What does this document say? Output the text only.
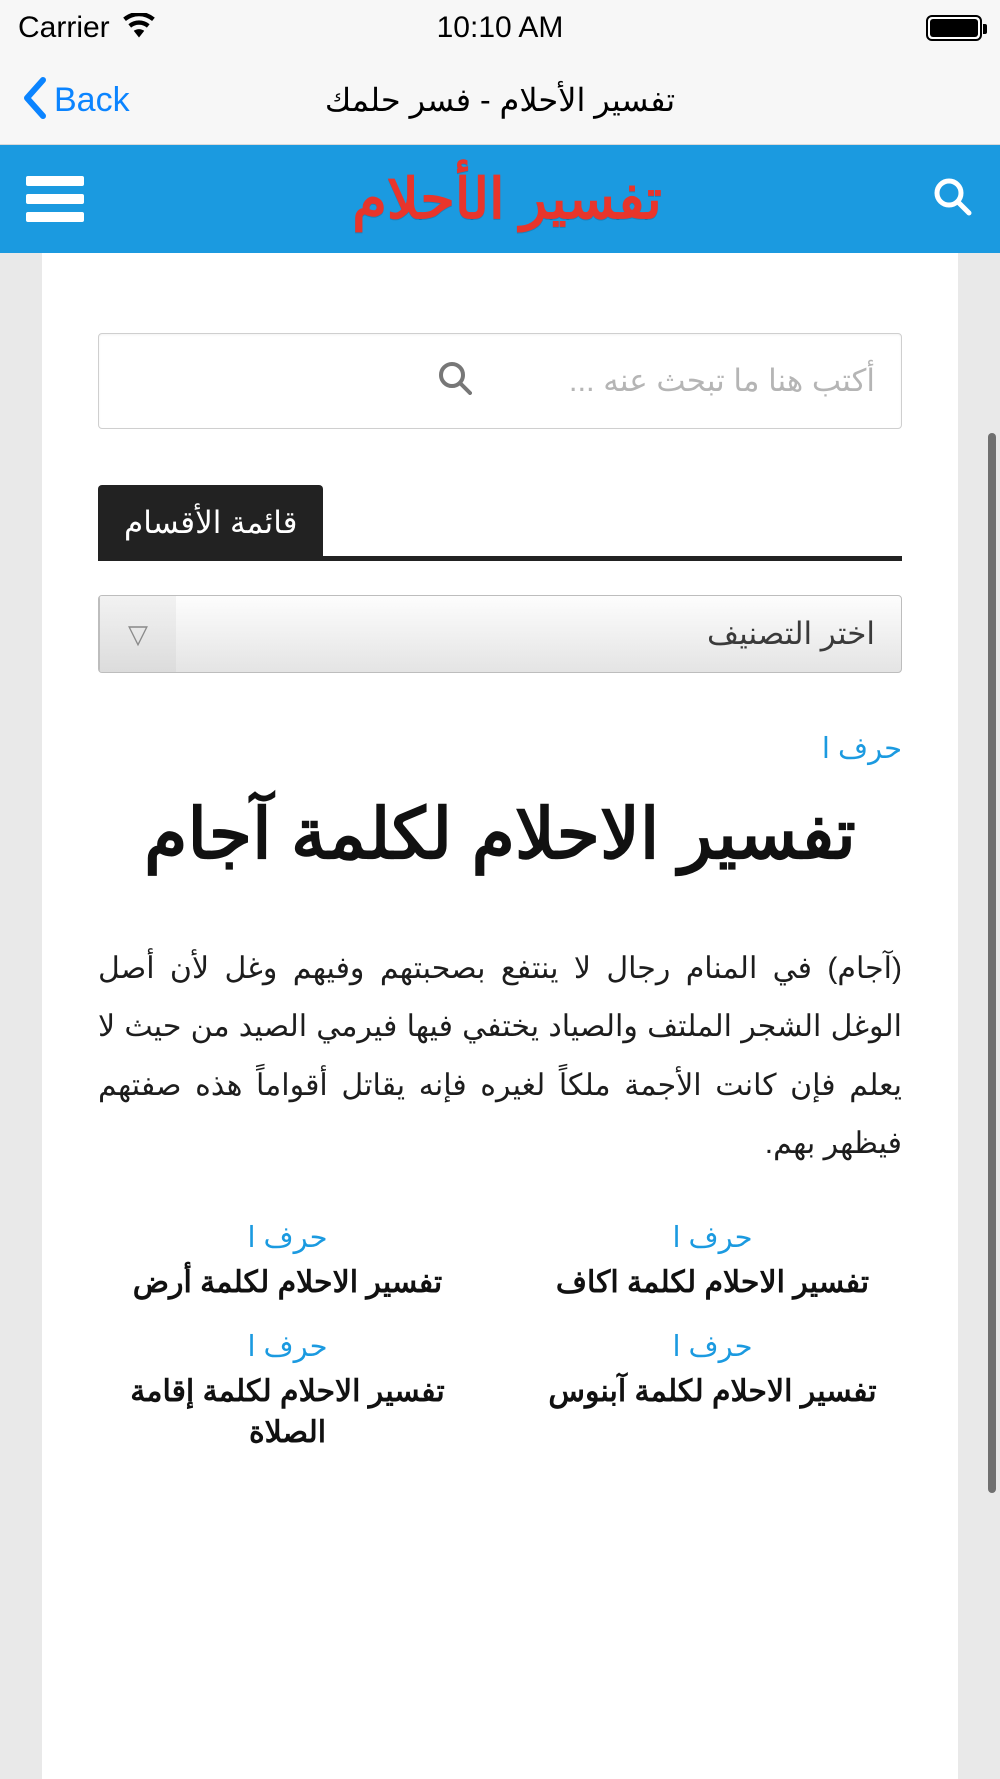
Carrier	10:10 AM
Back	تفسير الأحلام - فسر حلمك
تفسير الأحلام
أكتب هنا ما تبحث عنه ...
قائمة الأقسام
اختر التصنيف
▽
حرف ا
تفسير الاحلام لكلمة آجام
(آجام) في المنام رجال لا ينتفع بصحبتهم وفيهم وغل لأن أصل الوغل الشجر الملتف والصياد يختفي فيها فيرمي الصيد من حيث لا يعلم فإن كانت الأجمة ملكاً لغيره فإنه يقاتل أقواماً هذه صفتهم فيظهر بهم.
حرف ا
تفسير الاحلام لكلمة اكاف
حرف ا
تفسير الاحلام لكلمة أرض
حرف ا
تفسير الاحلام لكلمة آبنوس
حرف ا
تفسير الاحلام لكلمة إقامة الصلاة
